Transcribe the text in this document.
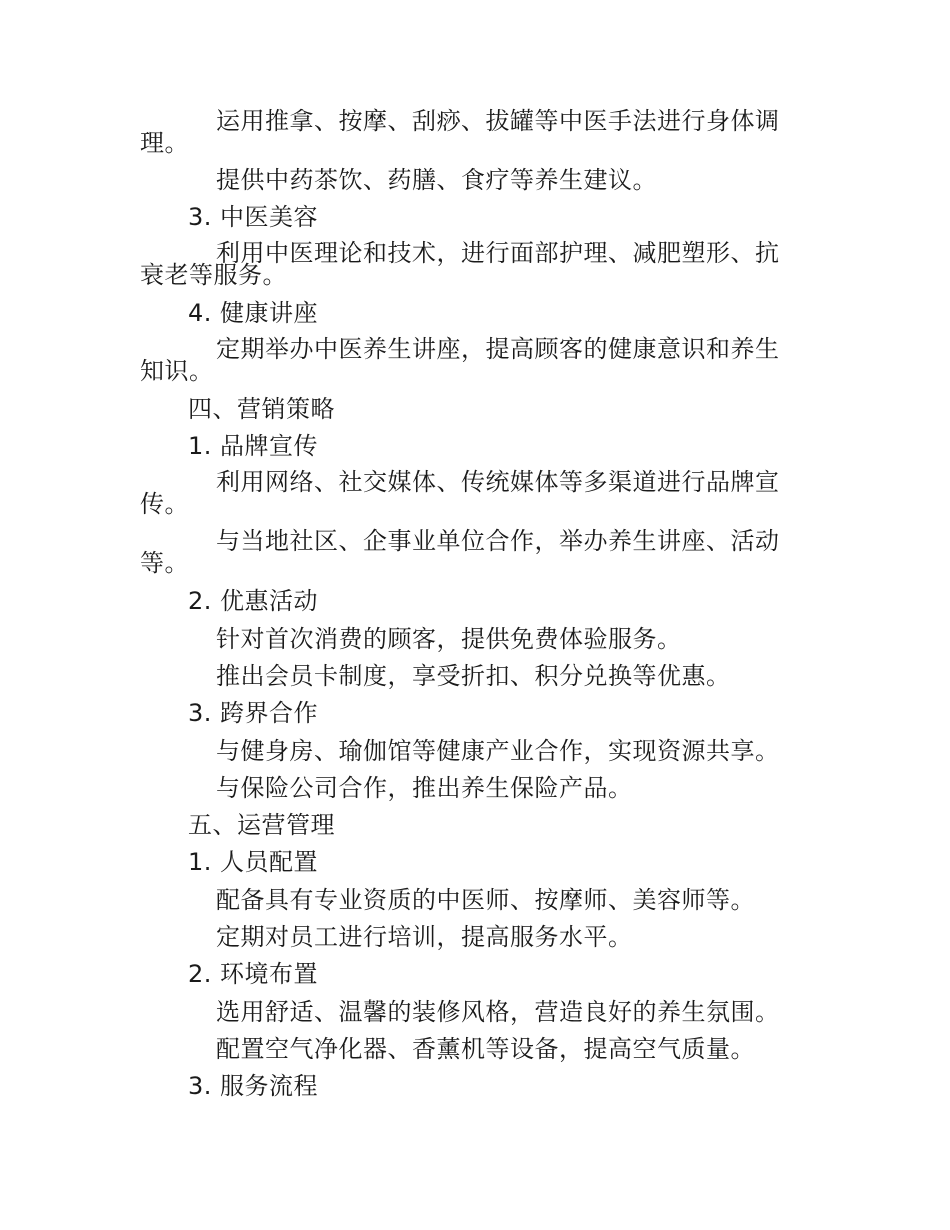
运用推拿、按摩、刮痧、拔罐等中医手法进行身体调理。
提供中药茶饮、药膳、食疗等养生建议。
3. 中医美容
利用中医理论和技术，进行面部护理、减肥塑形、抗衰老等服务。
4. 健康讲座
定期举办中医养生讲座，提高顾客的健康意识和养生知识。
四、营销策略
1. 品牌宣传
利用网络、社交媒体、传统媒体等多渠道进行品牌宣传。
与当地社区、企事业单位合作，举办养生讲座、活动等。
2. 优惠活动
针对首次消费的顾客，提供免费体验服务。
推出会员卡制度，享受折扣、积分兑换等优惠。
3. 跨界合作
与健身房、瑜伽馆等健康产业合作，实现资源共享。
与保险公司合作，推出养生保险产品。
五、运营管理
1. 人员配置
配备具有专业资质的中医师、按摩师、美容师等。
定期对员工进行培训，提高服务水平。
2. 环境布置
选用舒适、温馨的装修风格，营造良好的养生氛围。
配置空气净化器、香薰机等设备，提高空气质量。
3. 服务流程
